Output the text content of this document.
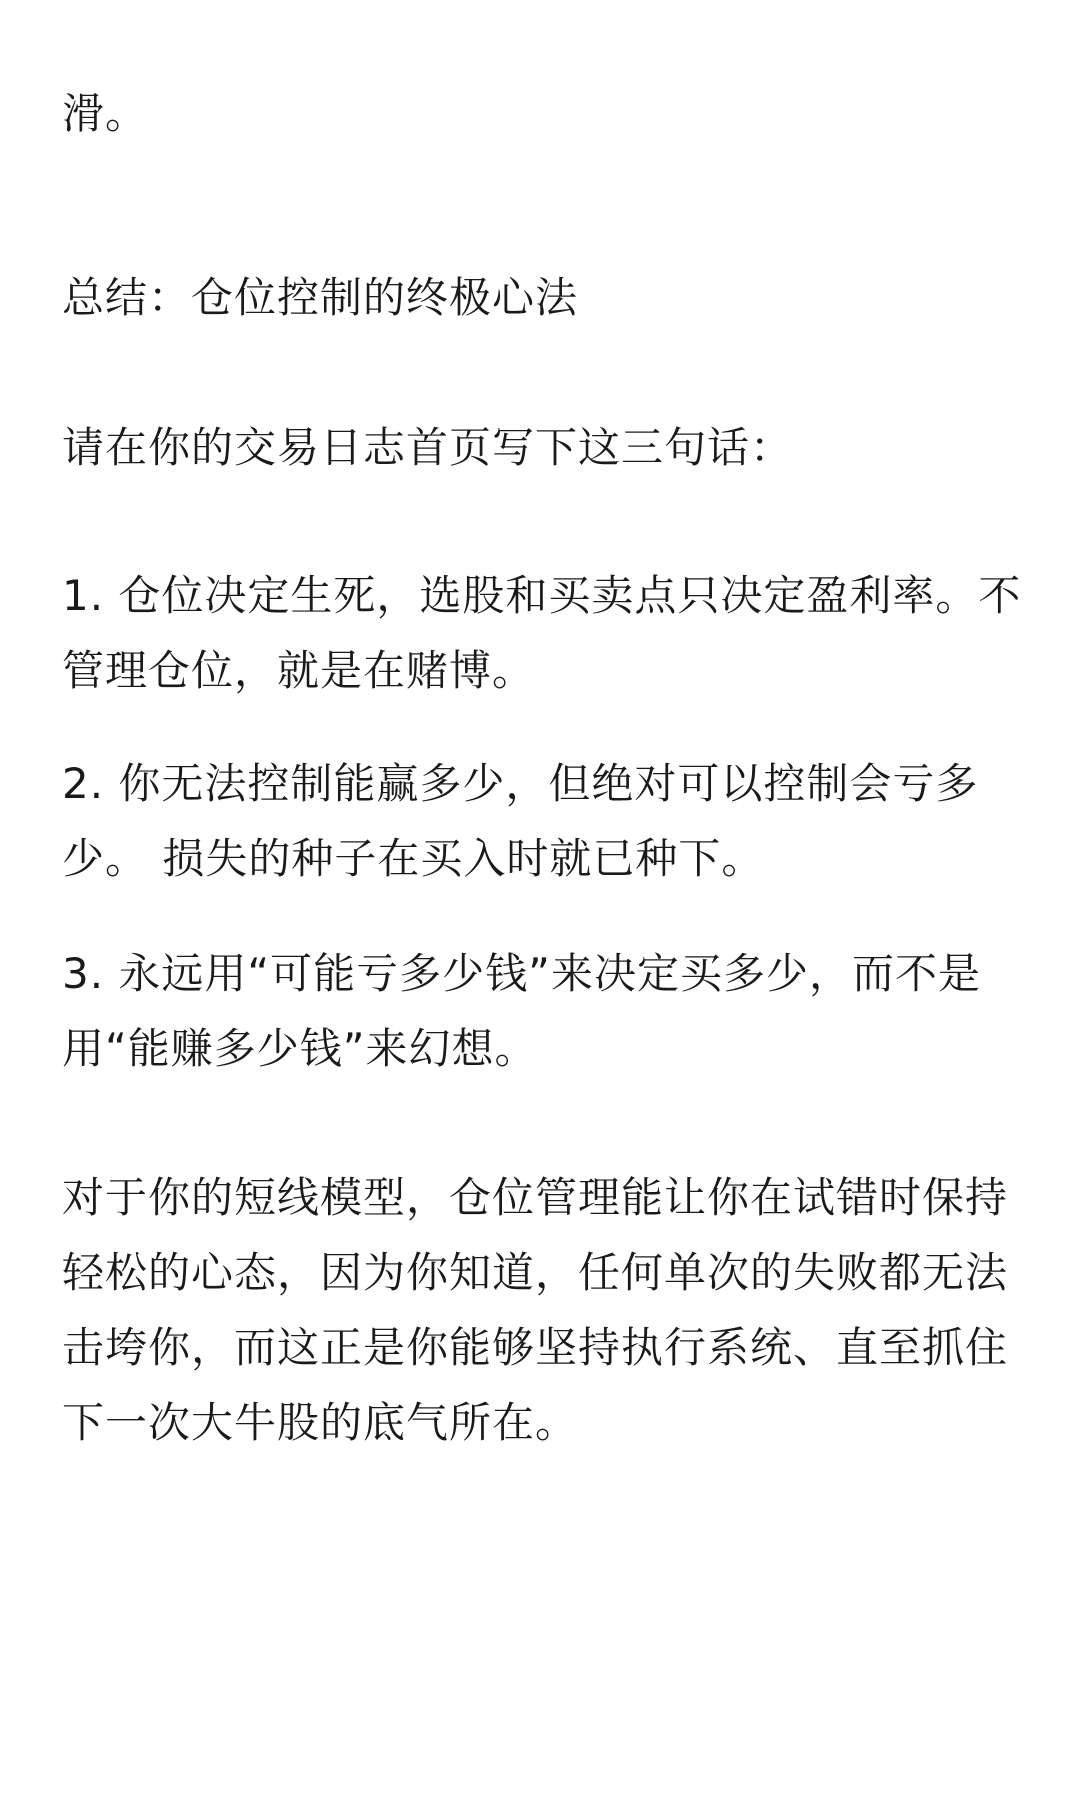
滑。

总结：仓位控制的终极心法

请在你的交易日志首页写下这三句话：

1. 仓位决定生死，选股和买卖点只决定盈利率。不管理仓位，就是在赌博。

2. 你无法控制能赢多少，但绝对可以控制会亏多少。 损失的种子在买入时就已种下。

3. 永远用“可能亏多少钱”来决定买多少，而不是用“能赚多少钱”来幻想。

对于你的短线模型，仓位管理能让你在试错时保持轻松的心态，因为你知道，任何单次的失败都无法击垮你，而这正是你能够坚持执行系统、直至抓住下一次大牛股的底气所在。
